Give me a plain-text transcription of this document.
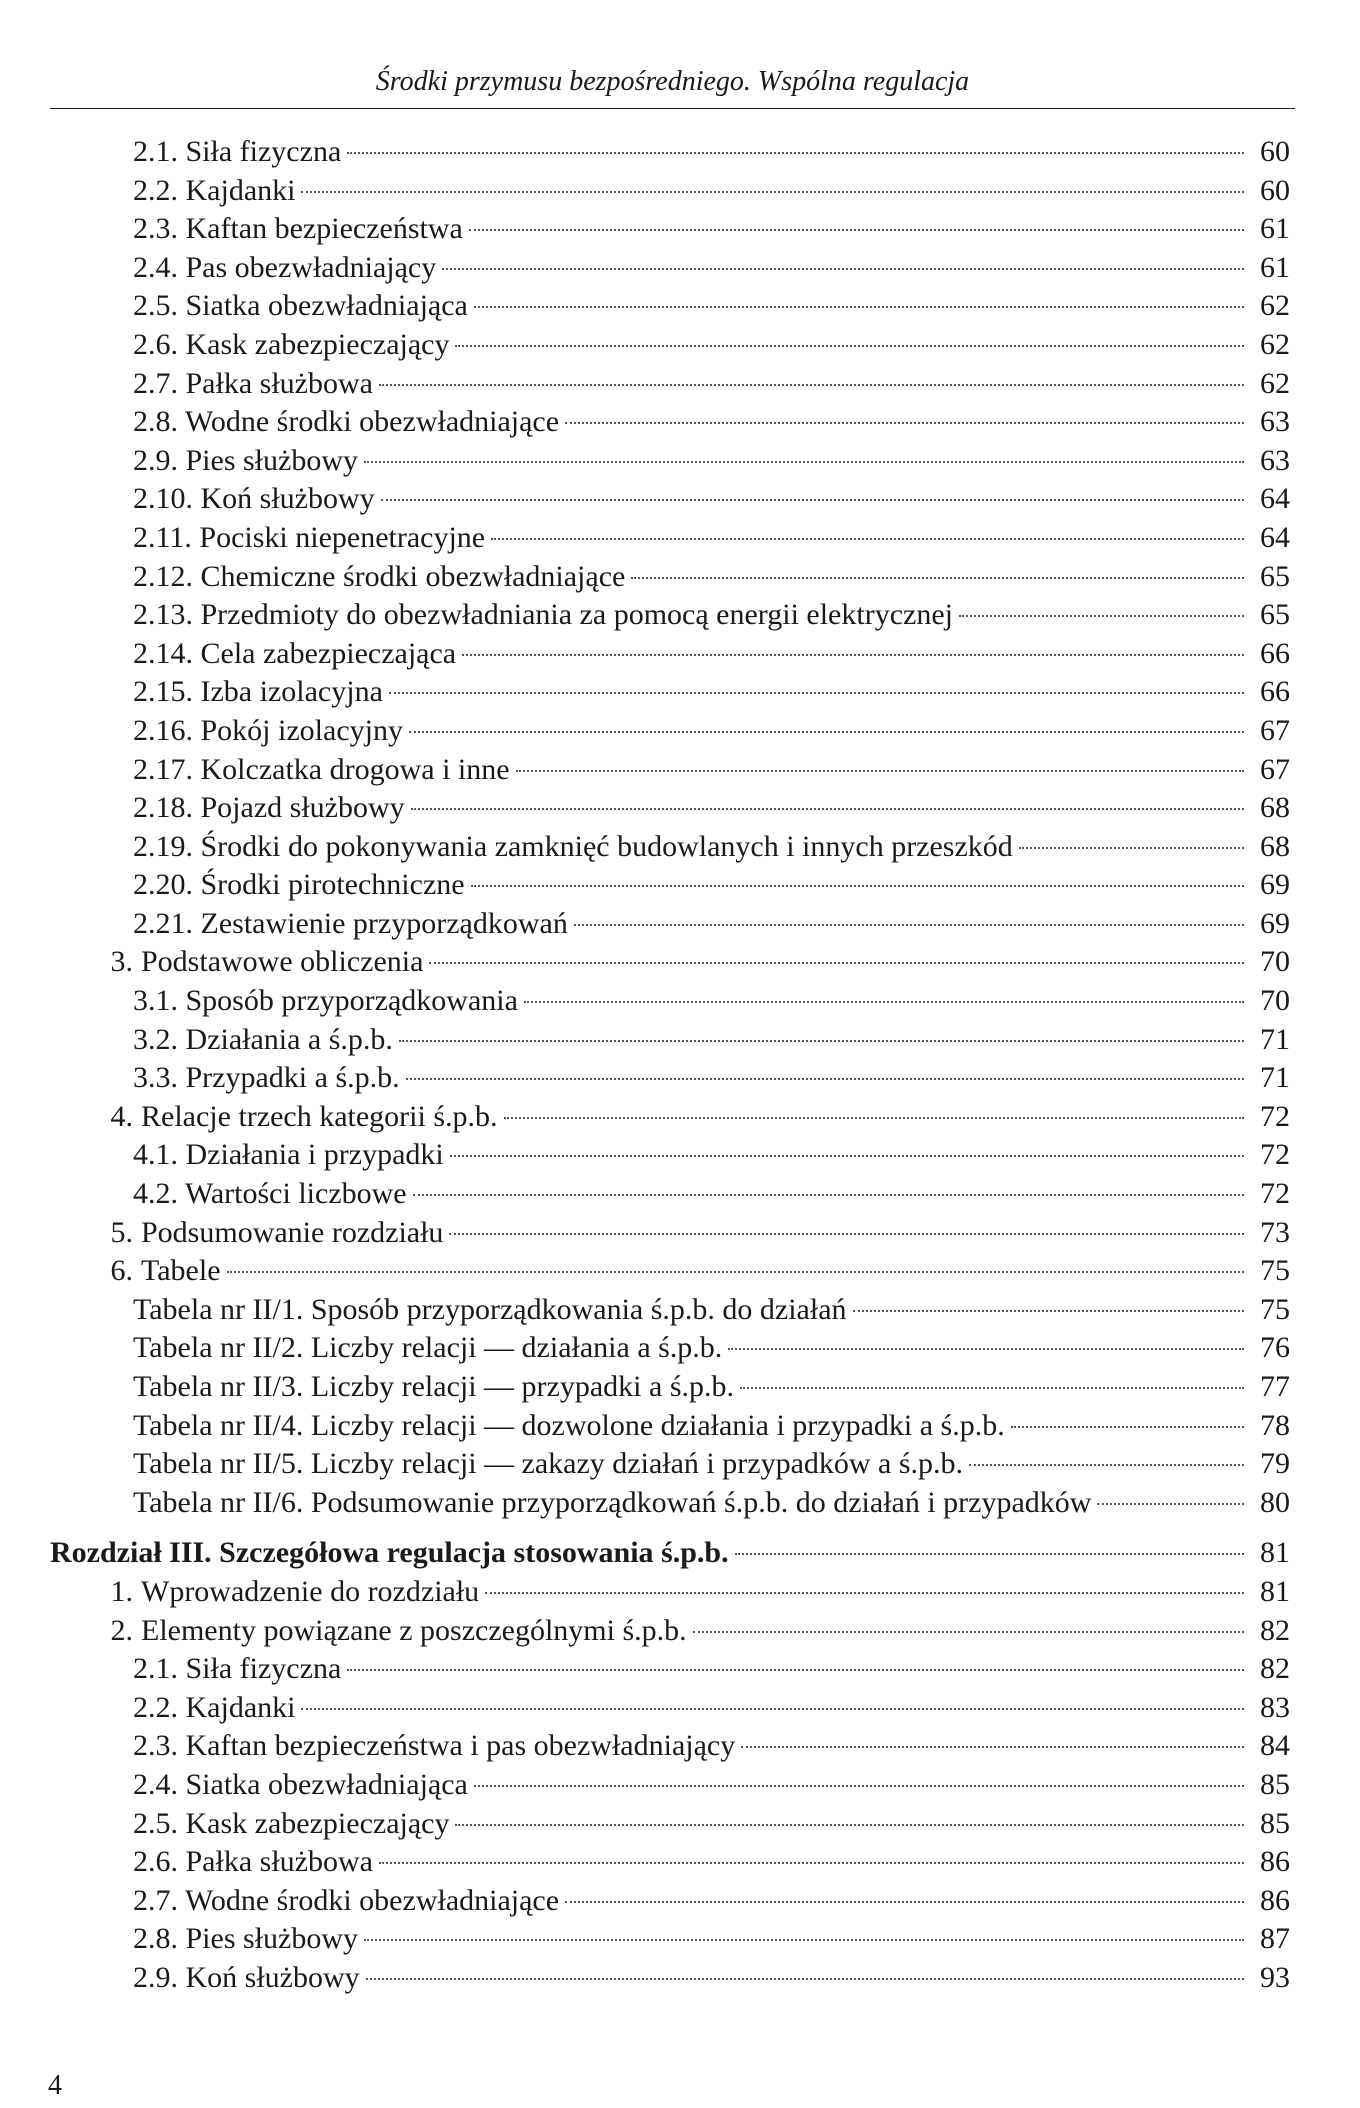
Środki przymusu bezpośredniego. Wspólna regulacja
2.1. Siła fizyczna	60
2.2. Kajdanki	60
2.3. Kaftan bezpieczeństwa	61
2.4. Pas obezwładniający	61
2.5. Siatka obezwładniająca	62
2.6. Kask zabezpieczający	62
2.7. Pałka służbowa	62
2.8. Wodne środki obezwładniające	63
2.9. Pies służbowy	63
2.10. Koń służbowy	64
2.11. Pociski niepenetracyjne	64
2.12. Chemiczne środki obezwładniające	65
2.13. Przedmioty do obezwładniania za pomocą energii elektrycznej	65
2.14. Cela zabezpieczająca	66
2.15. Izba izolacyjna	66
2.16. Pokój izolacyjny	67
2.17. Kolczatka drogowa i inne	67
2.18. Pojazd służbowy	68
2.19. Środki do pokonywania zamknięć budowlanych i innych przeszkód	68
2.20. Środki pirotechniczne	69
2.21. Zestawienie przyporządkowań	69
3. Podstawowe obliczenia	70
3.1. Sposób przyporządkowania	70
3.2. Działania a ś.p.b.	71
3.3. Przypadki a ś.p.b.	71
4. Relacje trzech kategorii ś.p.b.	72
4.1. Działania i przypadki	72
4.2. Wartości liczbowe	72
5. Podsumowanie rozdziału	73
6. Tabele	75
Tabela nr II/1. Sposób przyporządkowania ś.p.b. do działań	75
Tabela nr II/2. Liczby relacji — działania a ś.p.b.	76
Tabela nr II/3. Liczby relacji — przypadki a ś.p.b.	77
Tabela nr II/4. Liczby relacji — dozwolone działania i przypadki a ś.p.b.	78
Tabela nr II/5. Liczby relacji — zakazy działań i przypadków a ś.p.b.	79
Tabela nr II/6. Podsumowanie przyporządkowań ś.p.b. do działań i przypadków	80
Rozdział III. Szczegółowa regulacja stosowania ś.p.b.	81
1. Wprowadzenie do rozdziału	81
2. Elementy powiązane z poszczególnymi ś.p.b.	82
2.1. Siła fizyczna	82
2.2. Kajdanki	83
2.3. Kaftan bezpieczeństwa i pas obezwładniający	84
2.4. Siatka obezwładniająca	85
2.5. Kask zabezpieczający	85
2.6. Pałka służbowa	86
2.7. Wodne środki obezwładniające	86
2.8. Pies służbowy	87
2.9. Koń służbowy	93
4
